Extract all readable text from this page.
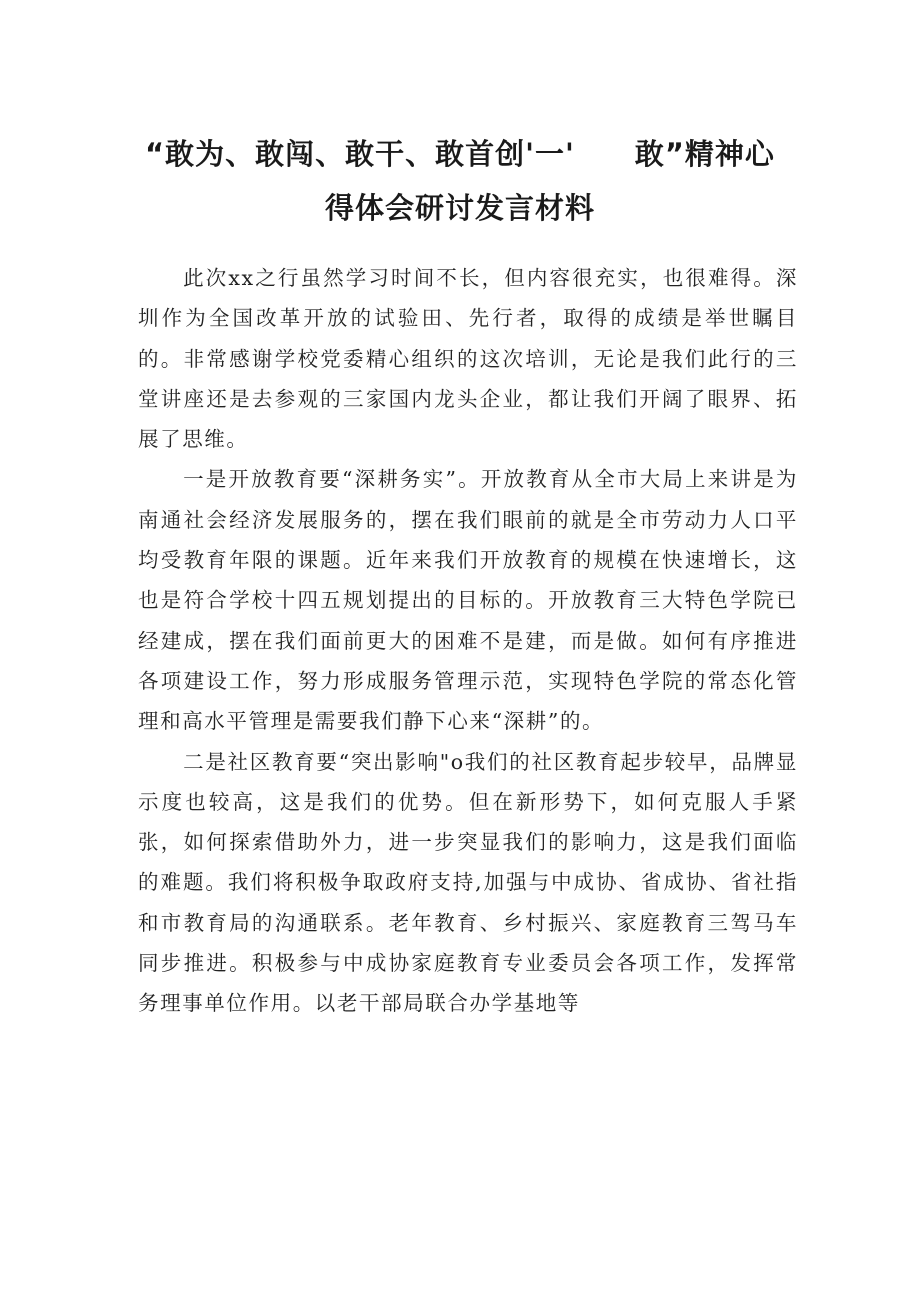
“敢为、敢闯、敢干、敢首创'一'　　敢”精神心
得体会研讨发言材料

此次xx之行虽然学习时间不长，但内容很充实，也很难得。深圳作为全国改革开放的试验田、先行者，取得的成绩是举世瞩目的。非常感谢学校党委精心组织的这次培训，无论是我们此行的三堂讲座还是去参观的三家国内龙头企业，都让我们开阔了眼界、拓展了思维。

一是开放教育要“深耕务实”。开放教育从全市大局上来讲是为南通社会经济发展服务的，摆在我们眼前的就是全市劳动力人口平均受教育年限的课题。近年来我们开放教育的规模在快速增长，这也是符合学校十四五规划提出的目标的。开放教育三大特色学院已经建成，摆在我们面前更大的困难不是建，而是做。如何有序推进各项建设工作，努力形成服务管理示范，实现特色学院的常态化管理和高水平管理是需要我们静下心来“深耕”的。

二是社区教育要“突出影响"o我们的社区教育起步较早，品牌显示度也较高，这是我们的优势。但在新形势下，如何克服人手紧张，如何探索借助外力，进一步突显我们的影响力，这是我们面临的难题。我们将积极争取政府支持,加强与中成协、省成协、省社指和市教育局的沟通联系。老年教育、乡村振兴、家庭教育三驾马车同步推进。积极参与中成协家庭教育专业委员会各项工作，发挥常务理事单位作用。以老干部局联合办学基地等
